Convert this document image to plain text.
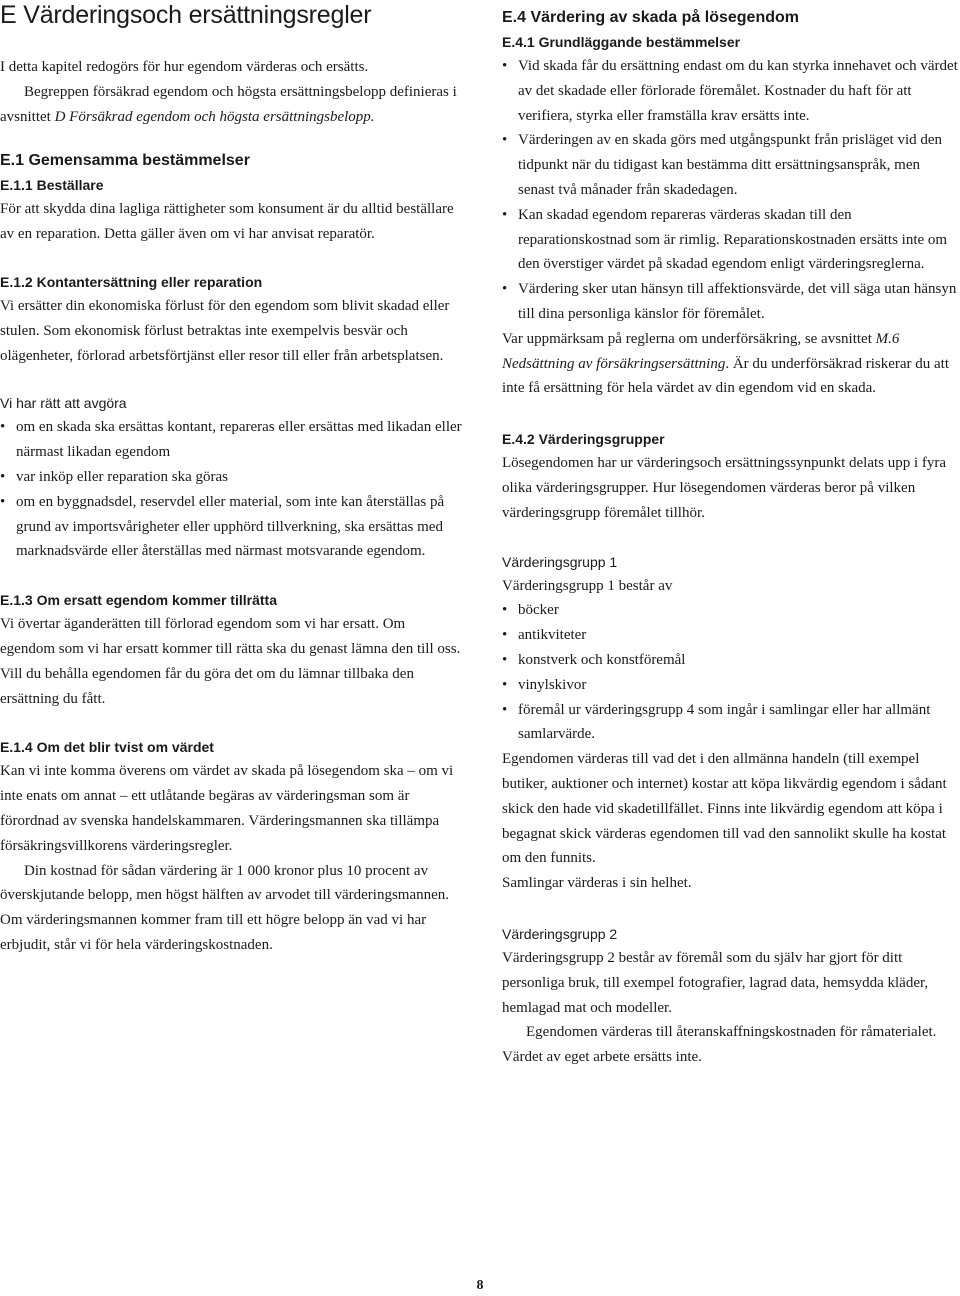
E Värderingsoch ersättningsregler

I detta kapitel redogörs för hur egendom värderas och ersätts.

Begreppen försäkrad egendom och högsta ersättningsbelopp definieras i avsnittet D Försäkrad egendom och högsta ersättningsbelopp.

E.1 Gemensamma bestämmelser
E.1.1 Beställare

För att skydda dina lagliga rättigheter som konsument är du alltid beställare av en reparation. Detta gäller även om vi har anvisat reparatör.

E.1.2 Kontantersättning eller reparation

Vi ersätter din ekonomiska förlust för den egendom som blivit skadad eller stulen. Som ekonomisk förlust betraktas inte exempelvis besvär och olägenheter, förlorad arbetsförtjänst eller resor till eller från arbetsplatsen.

Vi har rätt att avgöra
• om en skada ska ersättas kontant, repareras eller ersättas med likadan eller närmast likadan egendom
• var inköp eller reparation ska göras
• om en byggnadsdel, reservdel eller material, som inte kan återställas på grund av importsvårigheter eller upphörd tillverkning, ska ersättas med marknadsvärde eller återställas med närmast motsvarande egendom.
E.1.3 Om ersatt egendom kommer tillrätta

Vi övertar äganderätten till förlorad egendom som vi har ersatt. Om egendom som vi har ersatt kommer till rätta ska du genast lämna den till oss. Vill du behålla egendomen får du göra det om du lämnar tillbaka den ersättning du fått.

E.1.4 Om det blir tvist om värdet

Kan vi inte komma överens om värdet av skada på lösegendom ska – om vi inte enats om annat – ett utlåtande begäras av värderingsman som är förordnad av svenska handelskammaren. Värderingsmannen ska tillämpa försäkringsvillkorens värderingsregler.

Din kostnad för sådan värdering är 1 000 kronor plus 10 procent av överskjutande belopp, men högst hälften av arvodet till värderingsmannen. Om värderingsmannen kommer fram till ett högre belopp än vad vi har erbjudit, står vi för hela värderingskostnaden.

E.4 Värdering av skada på lösegendom
E.4.1 Grundläggande bestämmelser
• Vid skada får du ersättning endast om du kan styrka innehavet och värdet av det skadade eller förlorade föremålet. Kostnader du haft för att verifiera, styrka eller framställa krav ersätts inte.
• Värderingen av en skada görs med utgångspunkt från prisläget vid den tidpunkt när du tidigast kan bestämma ditt ersättningsanspråk, men senast två månader från skadedagen.
• Kan skadad egendom repareras värderas skadan till den reparationskostnad som är rimlig. Reparationskostnaden ersätts inte om den överstiger värdet på skadad egendom enligt värderingsreglerna.
• Värdering sker utan hänsyn till affektionsvärde, det vill säga utan hänsyn till dina personliga känslor för föremålet.

Var uppmärksam på reglerna om underförsäkring, se avsnittet M.6 Nedsättning av försäkringsersättning. Är du underförsäkrad riskerar du att inte få ersättning för hela värdet av din egendom vid en skada.

E.4.2 Värderingsgrupper

Lösegendomen har ur värderingsoch ersättningssynpunkt delats upp i fyra olika värderingsgrupper. Hur lösegendomen värderas beror på vilken värderingsgrupp föremålet tillhör.

Värderingsgrupp 1

Värderingsgrupp 1 består av

• böcker
• antikviteter
• konstverk och konstföremål
• vinylskivor
• föremål ur värderingsgrupp 4 som ingår i samlingar eller har allmänt samlarvärde.

Egendomen värderas till vad det i den allmänna handeln (till exempel butiker, auktioner och internet) kostar att köpa likvärdig egendom i sådant skick den hade vid skadetillfället. Finns inte likvärdig egendom att köpa i begagnat skick värderas egendomen till vad den sannolikt skulle ha kostat om den funnits.

Samlingar värderas i sin helhet.

Värderingsgrupp 2

Värderingsgrupp 2 består av föremål som du själv har gjort för ditt personliga bruk, till exempel fotografier, lagrad data, hemsydda kläder, hemlagad mat och modeller.

Egendomen värderas till återanskaffningskostnaden för råmaterialet. Värdet av eget arbete ersätts inte.

8
